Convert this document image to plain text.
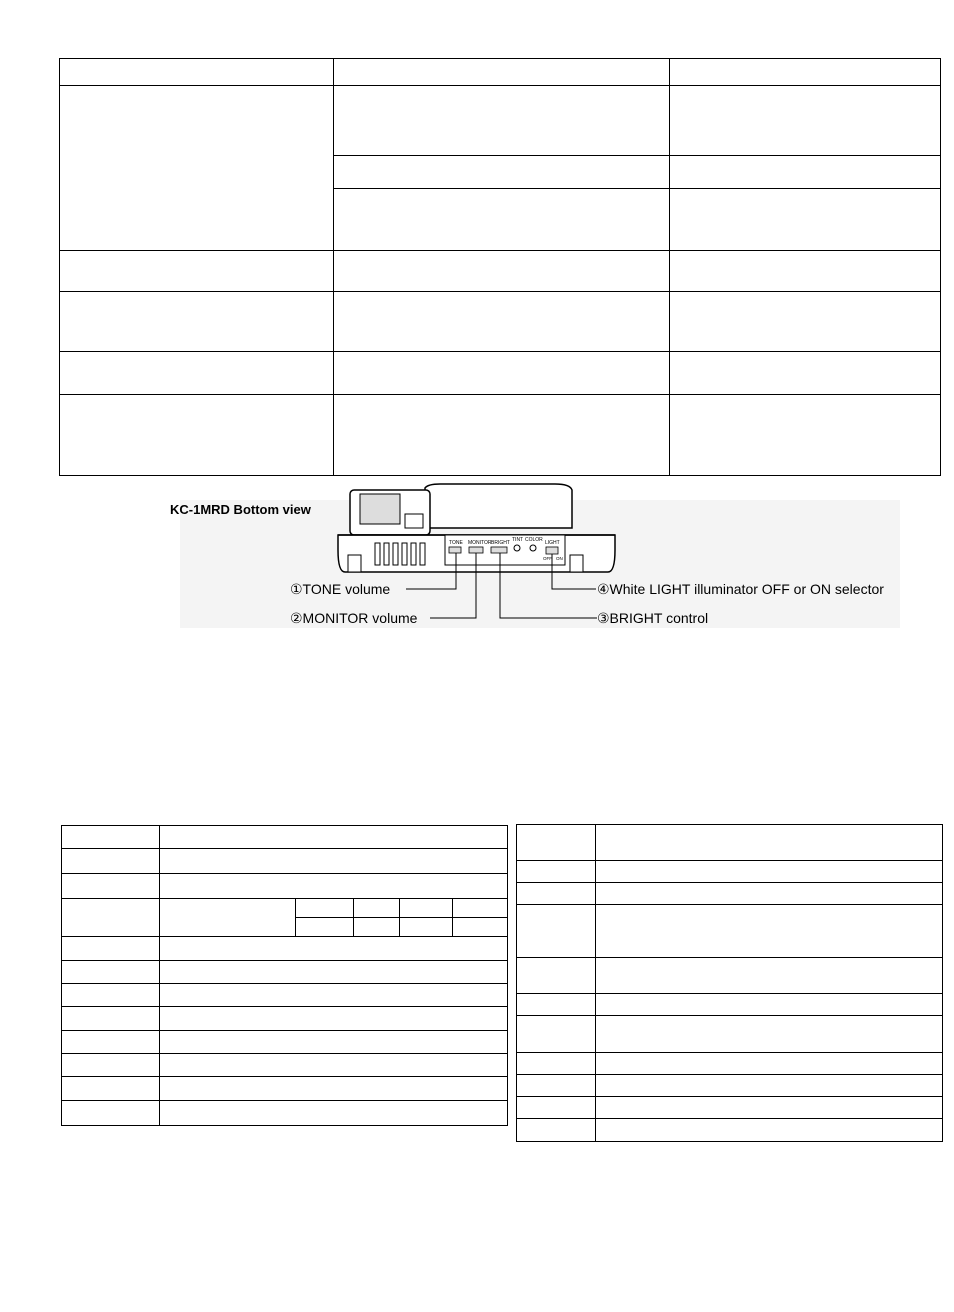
TONE MONITOR BRIGHT TINT COLOR LIGHT
OFF ON
KC-1MRD Bottom view
①TONE volume
②MONITOR volume	③BRIGHT control
④White LIGHT illuminator OFF or ON selector
